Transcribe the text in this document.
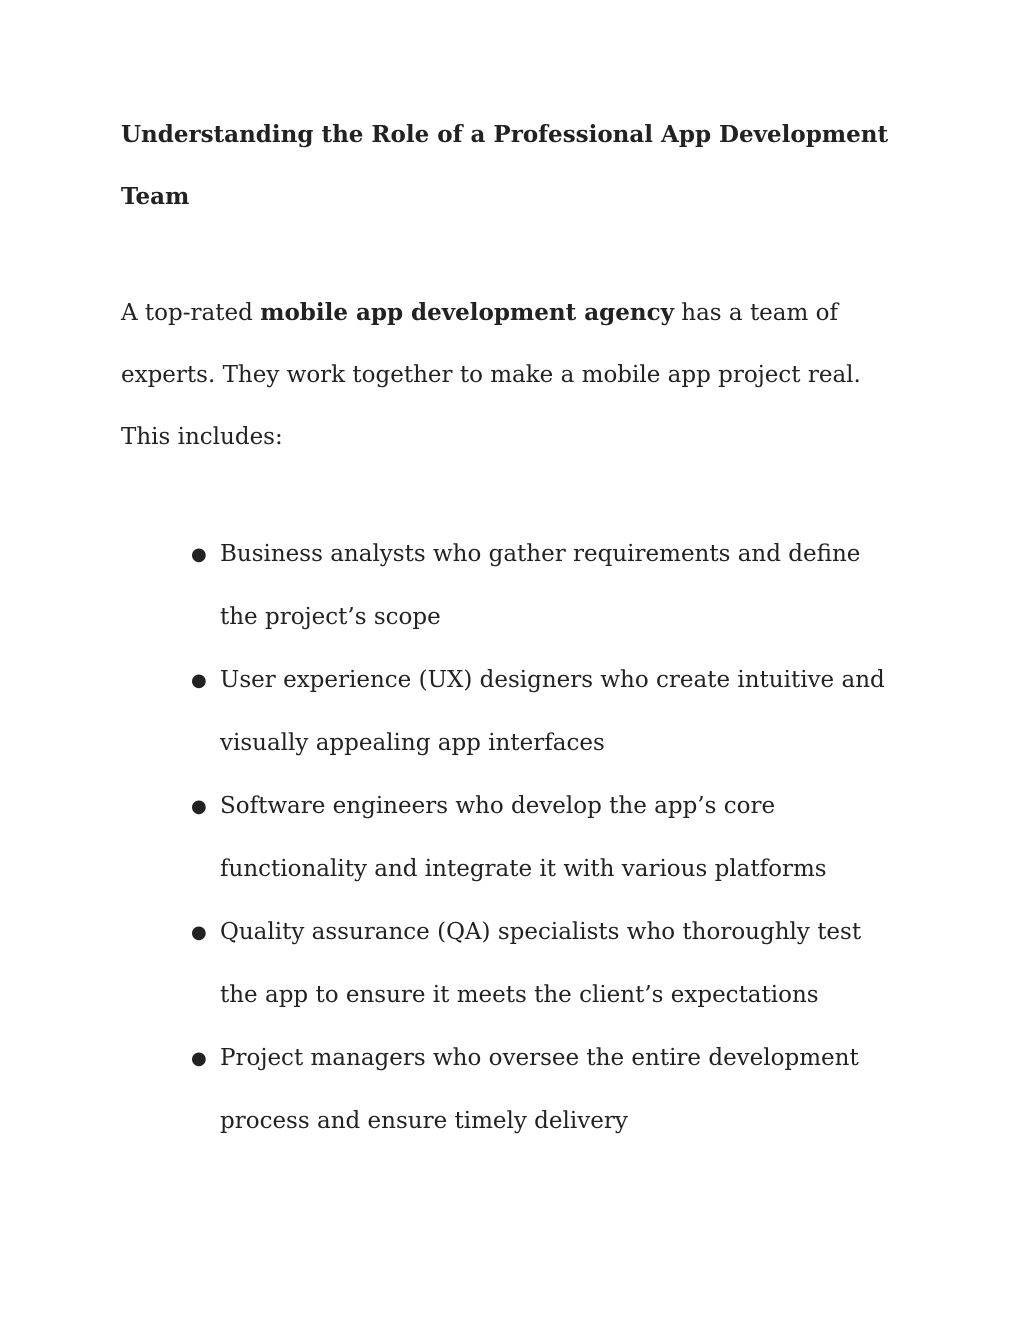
Understanding the Role of a Professional App Development Team

A top-rated mobile app development agency has a team of experts. They work together to make a mobile app project real. This includes:

● Business analysts who gather requirements and define the project’s scope
● User experience (UX) designers who create intuitive and visually appealing app interfaces
● Software engineers who develop the app’s core functionality and integrate it with various platforms
● Quality assurance (QA) specialists who thoroughly test the app to ensure it meets the client’s expectations
● Project managers who oversee the entire development process and ensure timely delivery
